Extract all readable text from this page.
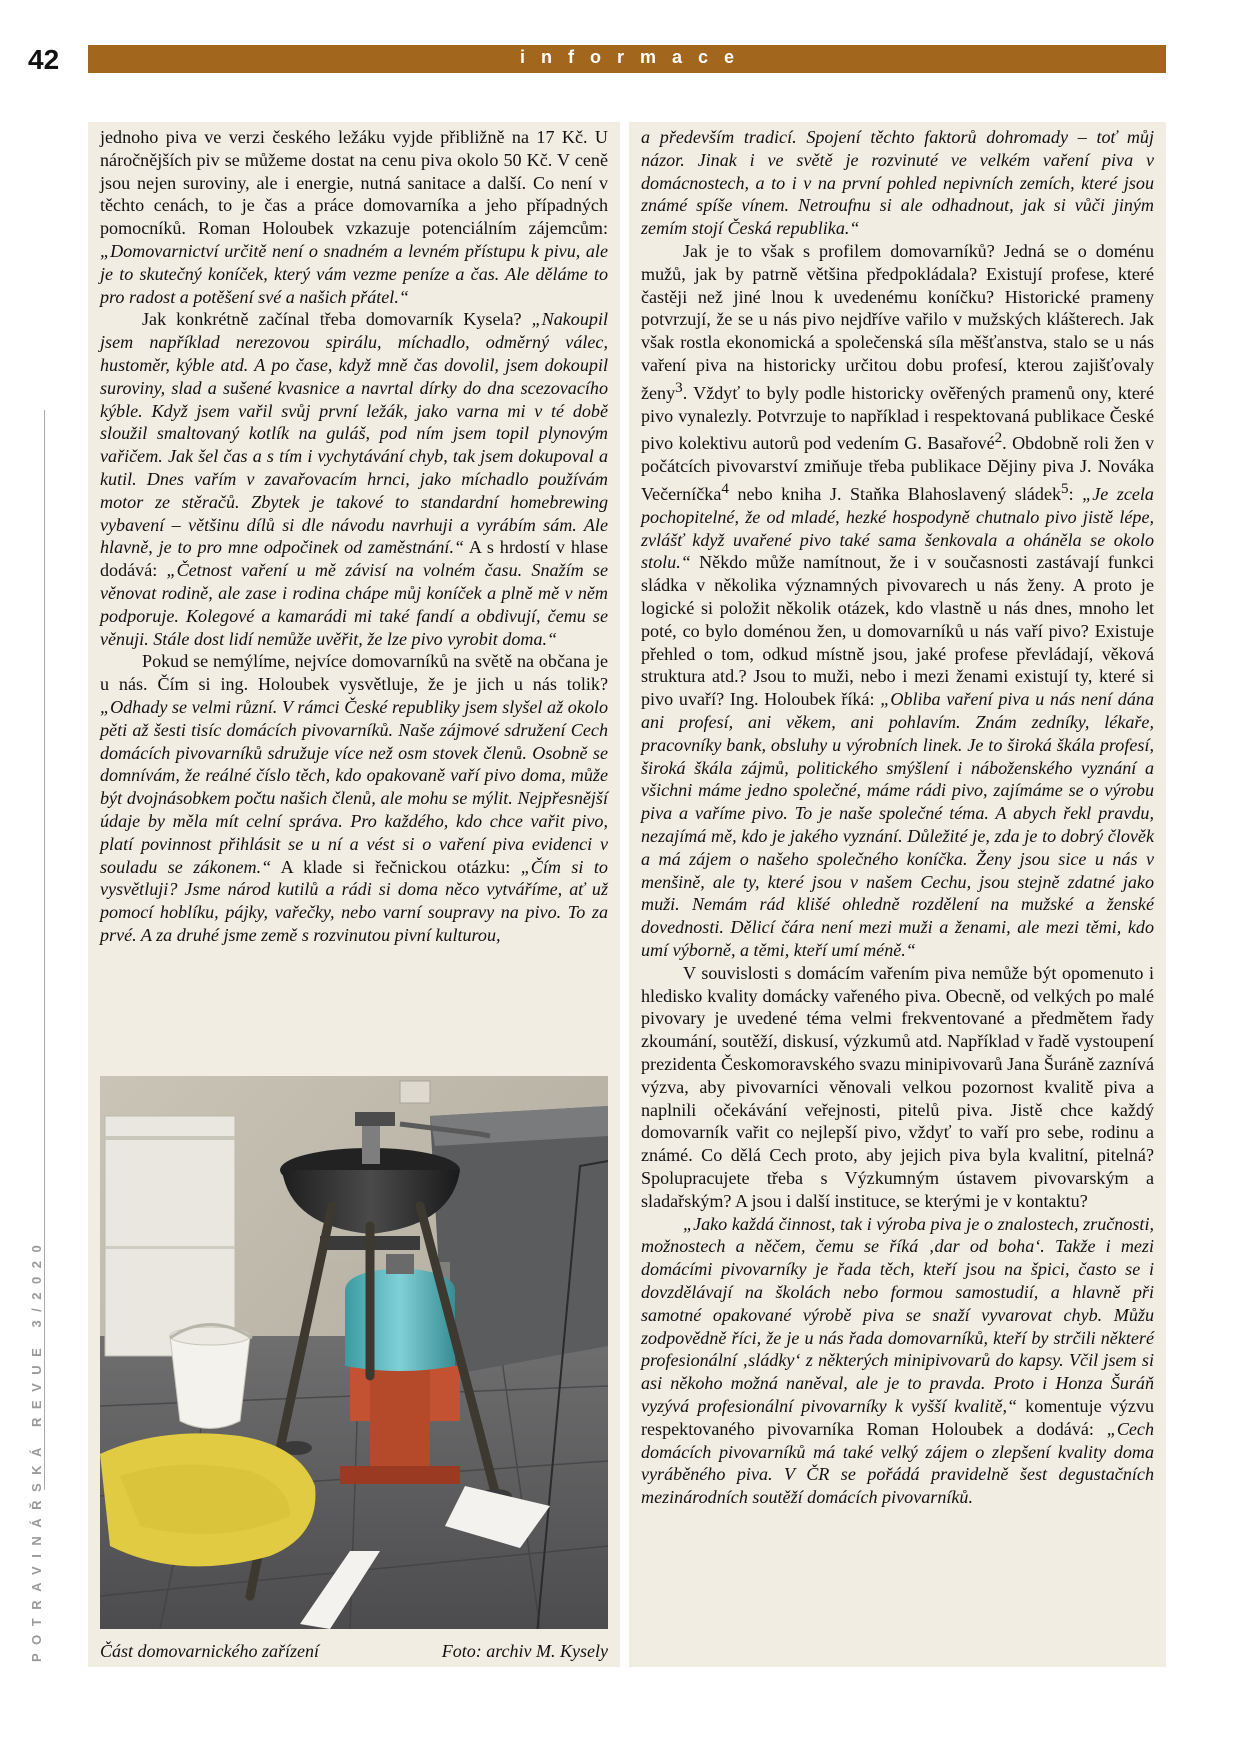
42	informace
POTRAVINÁŘSKÁ REVUE 3/2020

jednoho piva ve verzi českého ležáku vyjde přibližně na 17 Kč. U náročnějších piv se můžeme dostat na cenu piva okolo 50 Kč. V ceně jsou nejen suroviny, ale i energie, nutná sanitace a další. Co není v těchto cenách, to je čas a práce domovarníka a jeho případných pomocníků. Roman Holoubek vzkazuje potenciálním zájemcům: „Domovarnictví určitě není o snadném a levném přístupu k pivu, ale je to skutečný koníček, který vám vezme peníze a čas. Ale děláme to pro radost a potěšení své a našich přátel.“

Jak konkrétně začínal třeba domovarník Kysela? „Nakoupil jsem například nerezovou spirálu, míchadlo, odměrný válec, hustoměr, kýble atd. A po čase, když mně čas dovolil, jsem dokoupil suroviny, slad a sušené kvasnice a navrtal dírky do dna scezovacího kýble. Když jsem vařil svůj první ležák, jako varna mi v té době sloužil smaltovaný kotlík na guláš, pod ním jsem topil plynovým vařičem. Jak šel čas a s tím i vychytávání chyb, tak jsem dokupoval a kutil. Dnes vařím v zavařovacím hrnci, jako míchadlo používám motor ze stěračů. Zbytek je takové to standardní homebrewing vybavení – většinu dílů si dle návodu navrhuji a vyrábím sám. Ale hlavně, je to pro mne odpočinek od zaměstnání.“ A s hrdostí v hlase dodává: „Četnost vaření u mě závisí na volném času. Snažím se věnovat rodině, ale zase i rodina chápe můj koníček a plně mě v něm podporuje. Kolegové a kamarádi mi také fandí a obdivují, čemu se věnuji. Stále dost lidí nemůže uvěřit, že lze pivo vyrobit doma.“

Pokud se nemýlíme, nejvíce domovarníků na světě na občana je u nás. Čím si ing. Holoubek vysvětluje, že je jich u nás tolik? „Odhady se velmi různí. V rámci České republiky jsem slyšel až okolo pěti až šesti tisíc domácích pivovarníků. Naše zájmové sdružení Cech domácích pivovarníků sdružuje více než osm stovek členů. Osobně se domnívám, že reálné číslo těch, kdo opakovaně vaří pivo doma, může být dvojnásobkem počtu našich členů, ale mohu se mýlit. Nejpřesnější údaje by měla mít celní správa. Pro každého, kdo chce vařit pivo, platí povinnost přihlásit se u ní a vést si o vaření piva evidenci v souladu se zákonem.“ A klade si řečnickou otázku: „Čím si to vysvětluji? Jsme národ kutilů a rádi si doma něco vytváříme, ať už pomocí hoblíku, pájky, vařečky, nebo varní soupravy na pivo. To za prvé. A za druhé jsme země s rozvinutou pivní kulturou,

Část domovarnického zařízení	Foto: archiv M. Kysely

a především tradicí. Spojení těchto faktorů dohromady – toť můj názor. Jinak i ve světě je rozvinuté ve velkém vaření piva v domácnostech, a to i v na první pohled nepivních zemích, které jsou známé spíše vínem. Netroufnu si ale odhadnout, jak si vůči jiným zemím stojí Česká republika.“

Jak je to však s profilem domovarníků? Jedná se o doménu mužů, jak by patrně většina předpokládala? Existují profese, které častěji než jiné lnou k uvedenému koníčku? Historické prameny potvrzují, že se u nás pivo nejdříve vařilo v mužských klášterech. Jak však rostla ekonomická a společenská síla měšťanstva, stalo se u nás vaření piva na historicky určitou dobu profesí, kterou zajišťovaly ženy$^3$. Vždyť to byly podle historicky ověřených pramenů ony, které pivo vynalezly. Potvrzuje to například i respektovaná publikace České pivo kolektivu autorů pod vedením G. Basařové$^2$. Obdobně roli žen v počátcích pivovarství zmiňuje třeba publikace Dějiny piva J. Nováka Večerníčka$^4$ nebo kniha J. Staňka Blahoslavený sládek$^5$: „Je zcela pochopitelné, že od mladé, hezké hospodyně chutnalo pivo jistě lépe, zvlášť když uvařené pivo také sama šenkovala a oháněla se okolo stolu.“ Někdo může namítnout, že i v současnosti zastávají funkci sládka v několika významných pivovarech u nás ženy. A proto je logické si položit několik otázek, kdo vlastně u nás dnes, mnoho let poté, co bylo doménou žen, u domovarníků u nás vaří pivo? Existuje přehled o tom, odkud místně jsou, jaké profese převládají, věková struktura atd.? Jsou to muži, nebo i mezi ženami existují ty, které si pivo uvaří? Ing. Holoubek říká: „Obliba vaření piva u nás není dána ani profesí, ani věkem, ani pohlavím. Znám zedníky, lékaře, pracovníky bank, obsluhy u výrobních linek. Je to široká škála profesí, široká škála zájmů, politického smýšlení i náboženského vyznání a všichni máme jedno společné, máme rádi pivo, zajímáme se o výrobu piva a vaříme pivo. To je naše společné téma. A abych řekl pravdu, nezajímá mě, kdo je jakého vyznání. Důležité je, zda je to dobrý člověk a má zájem o našeho společného koníčka. Ženy jsou sice u nás v menšině, ale ty, které jsou v našem Cechu, jsou stejně zdatné jako muži. Nemám rád klišé ohledně rozdělení na mužské a ženské dovednosti. Dělicí čára není mezi muži a ženami, ale mezi těmi, kdo umí výborně, a těmi, kteří umí méně.“

V souvislosti s domácím vařením piva nemůže být opomenuto i hledisko kvality domácky vařeného piva. Obecně, od velkých po malé pivovary je uvedené téma velmi frekventované a předmětem řady zkoumání, soutěží, diskusí, výzkumů atd. Například v řadě vystoupení prezidenta Českomoravského svazu minipivovarů Jana Šuráně zaznívá výzva, aby pivovarníci věnovali velkou pozornost kvalitě piva a naplnili očekávání veřejnosti, pitelů piva. Jistě chce každý domovarník vařit co nejlepší pivo, vždyť to vaří pro sebe, rodinu a známé. Co dělá Cech proto, aby jejich piva byla kvalitní, pitelná? Spolupracujete třeba s Výzkumným ústavem pivovarským a sladařským? A jsou i další instituce, se kterými je v kontaktu?

„Jako každá činnost, tak i výroba piva je o znalostech, zručnosti, možnostech a něčem, čemu se říká ‚dar od boha‘. Takže i mezi domácími pivovarníky je řada těch, kteří jsou na špici, často se i dovzdělávají na školách nebo formou samostudií, a hlavně při samotné opakované výrobě piva se snaží vyvarovat chyb. Můžu zodpovědně říci, že je u nás řada domovarníků, kteří by strčili některé profesionální ‚sládky‘ z některých minipivovarů do kapsy. Včil jsem si asi někoho možná naněval, ale je to pravda. Proto i Honza Šuráň vyzývá profesionální pivovarníky k vyšší kvalitě,“ komentuje výzvu respektovaného pivovarníka Roman Holoubek a dodává: „Cech domácích pivovarníků má také velký zájem o zlepšení kvality doma vyráběného piva. V ČR se pořádá pravidelně šest degustačních mezinárodních soutěží domácích pivovarníků.
